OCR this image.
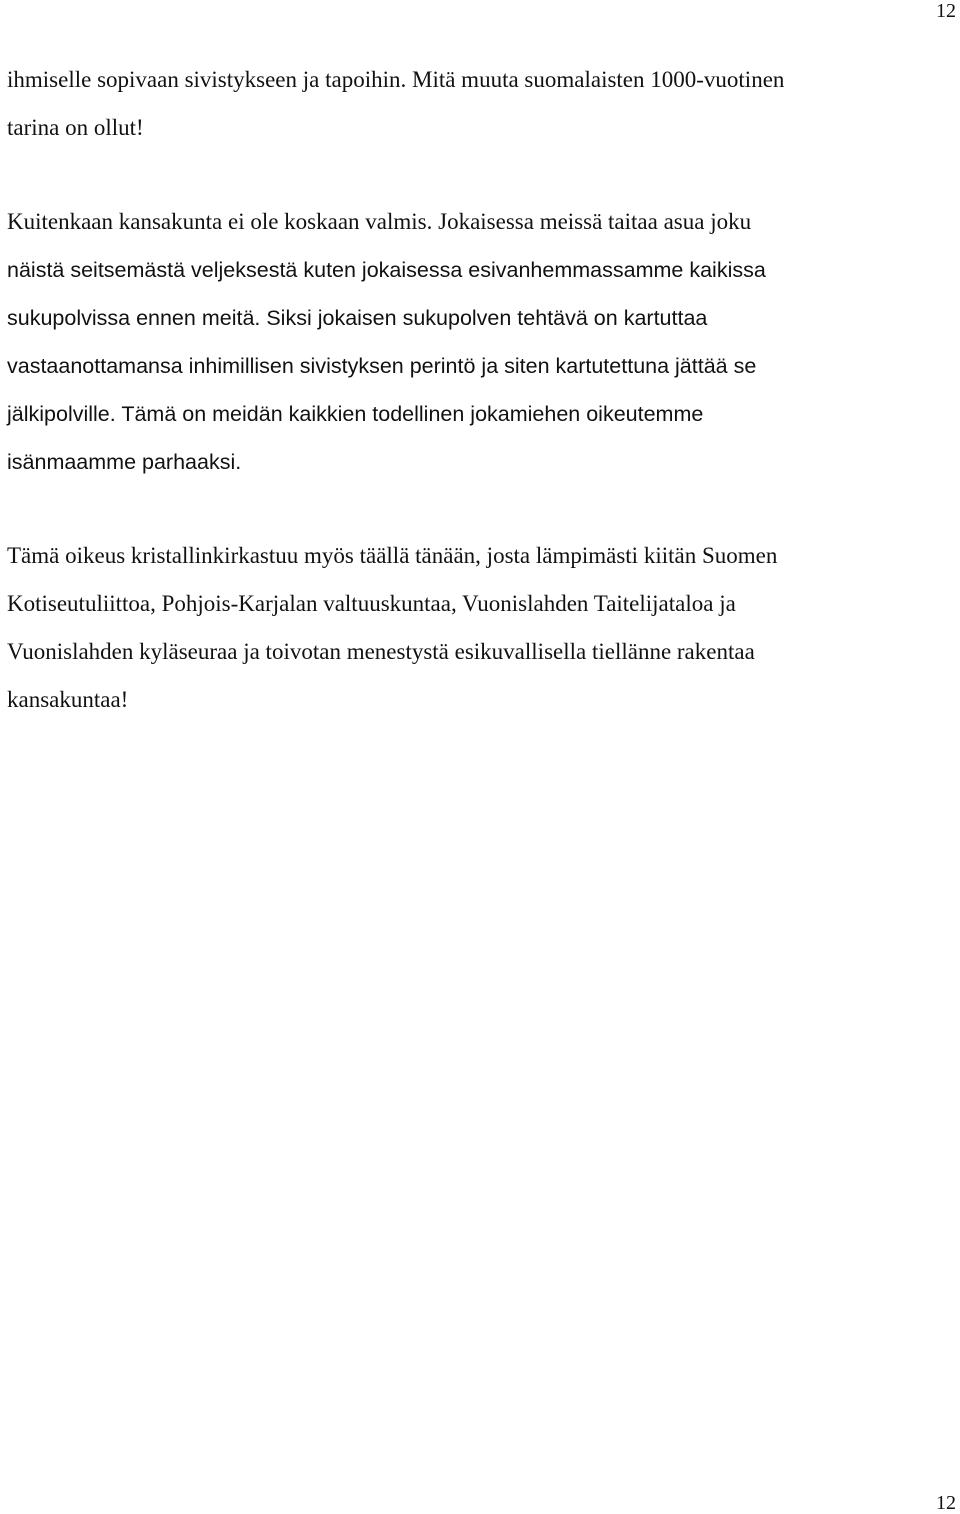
12

ihmiselle sopivaan sivistykseen ja tapoihin. Mitä muuta suomalaisten 1000-vuotinen
tarina on ollut!
Kuitenkaan kansakunta ei ole koskaan valmis. Jokaisessa meissä taitaa asua joku
näistä seitsemästä veljeksestä kuten jokaisessa esivanhemmassamme kaikissa
sukupolvissa ennen meitä. Siksi jokaisen sukupolven tehtävä on kartuttaa
vastaanottamansa inhimillisen sivistyksen perintö ja siten kartutettuna jättää se
jälkipolville. Tämä on meidän kaikkien todellinen jokamiehen oikeutemme
isänmaamme parhaaksi.
Tämä oikeus kristallinkirkastuu myös täällä tänään, josta lämpimästi kiitän Suomen
Kotiseutuliittoa, Pohjois-Karjalan valtuuskuntaa, Vuonislahden Taitelijataloa ja
Vuonislahden kyläseuraa ja toivotan menestystä esikuvallisella tiellänne rakentaa
kansakuntaa!

12
